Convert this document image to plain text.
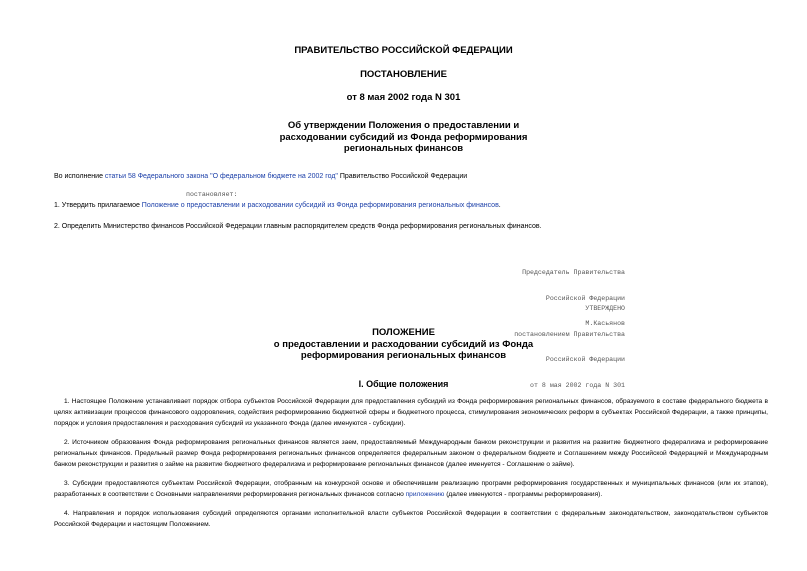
ПРАВИТЕЛЬСТВО РОССИЙСКОЙ ФЕДЕРАЦИИ
ПОСТАНОВЛЕНИЕ
от 8 мая 2002 года N 301
Об утверждении Положения о предоставлении и
расходовании субсидий из Фонда реформирования
региональных финансов
Во исполнение статьи 58 Федерального закона "О федеральном бюджете на 2002 год" Правительство Российской Федерации
постановляет:
1. Утвердить прилагаемое Положение о предоставлении и расходовании субсидий из Фонда реформирования региональных финансов.
2. Определить Министерство финансов Российской Федерации главным распорядителем средств Фонда реформирования региональных финансов.

Председатель Правительства

Российской Федерации

М.Касьянов

УТВЕРЖДЕНО

постановлением Правительства

Российской Федерации

от 8 мая 2002 года N 301

ПОЛОЖЕНИЕ
о предоставлении и расходовании субсидий из Фонда
реформирования региональных финансов
I. Общие положения
1. Настоящее Положение устанавливает порядок отбора субъектов Российской Федерации для предоставления субсидий из Фонда реформирования региональных финансов, образуемого в составе федерального бюджета в целях активизации процессов финансового оздоровления, содействия реформированию бюджетной сферы и бюджетного процесса, стимулирования экономических реформ в субъектах Российской Федерации, а также принципы, порядок и условия предоставления и расходования субсидий из указанного Фонда (далее именуются - субсидии).
2. Источником образования Фонда реформирования региональных финансов является заем, предоставляемый Международным банком реконструкции и развития на развитие бюджетного федерализма и реформирование региональных финансов. Предельный размер Фонда реформирования региональных финансов определяется федеральным законом о федеральном бюджете и Соглашением между Российской Федерацией и Международным банком реконструкции и развития о займе на развитие бюджетного федерализма и реформирование региональных финансов (далее именуется - Соглашение о займе).
3. Субсидии предоставляются субъектам Российской Федерации, отобранным на конкурсной основе и обеспечившим реализацию программ реформирования государственных и муниципальных финансов (или их этапов), разработанных в соответствии с Основными направлениями реформирования региональных финансов согласно приложению (далее именуются - программы реформирования).
4. Направления и порядок использования субсидий определяются органами исполнительной власти субъектов Российской Федерации в соответствии с федеральным законодательством, законодательством субъектов Российской Федерации и настоящим Положением.
